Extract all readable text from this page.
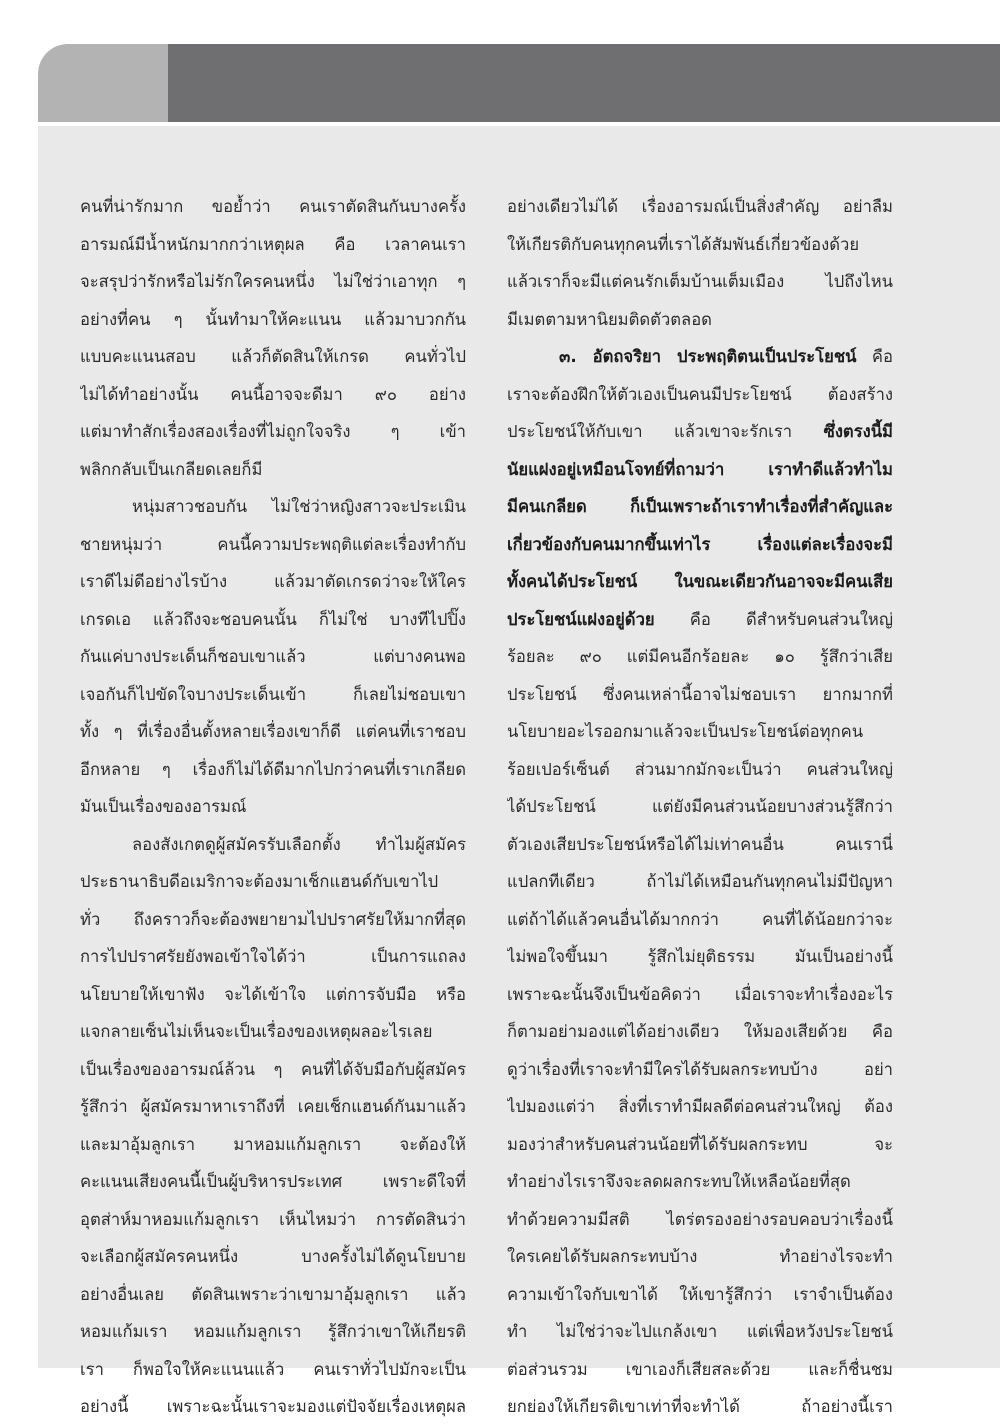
คนที่น่ารักมาก ขอย้ำว่า คนเราตัดสินกันบางครั้ง
อารมณ์มีน้ำหนักมากกว่าเหตุผล คือ เวลาคนเรา
จะสรุปว่ารักหรือไม่รักใครคนหนึ่ง ไม่ใช่ว่าเอาทุก ๆ
อย่างที่คน ๆ นั้นทำมาให้คะแนน แล้วมาบวกกัน
แบบคะแนนสอบ แล้วก็ตัดสินให้เกรด คนทั่วไป
ไม่ได้ทำอย่างนั้น คนนี้อาจจะดีมา ๙๐ อย่าง
แต่มาทำสักเรื่องสองเรื่องที่ไม่ถูกใจจริง ๆ เข้า
พลิกกลับเป็นเกลียดเลยก็มี
หนุ่มสาวชอบกัน ไม่ใช่ว่าหญิงสาวจะประเมิน
ชายหนุ่มว่า คนนี้ความประพฤติแต่ละเรื่องทำกับ
เราดีไม่ดีอย่างไรบ้าง แล้วมาตัดเกรดว่าจะให้ใคร
เกรดเอ แล้วถึงจะชอบคนนั้น ก็ไม่ใช่ บางทีไปปิ๊ง
กันแค่บางประเด็นก็ชอบเขาแล้ว แต่บางคนพอ
เจอกันก็ไปขัดใจบางประเด็นเข้า ก็เลยไม่ชอบเขา
ทั้ง ๆ ที่เรื่องอื่นตั้งหลายเรื่องเขาก็ดี แต่คนที่เราชอบ
อีกหลาย ๆ เรื่องก็ไม่ได้ดีมากไปกว่าคนที่เราเกลียด
มันเป็นเรื่องของอารมณ์
ลองสังเกตดูผู้สมัครรับเลือกตั้ง ทำไมผู้สมัคร
ประธานาธิบดีอเมริกาจะต้องมาเช็กแฮนด์กับเขาไป
ทั่ว ถึงคราวก็จะต้องพยายามไปปราศรัยให้มากที่สุด
การไปปราศรัยยังพอเข้าใจได้ว่า เป็นการแถลง
นโยบายให้เขาฟัง จะได้เข้าใจ แต่การจับมือ หรือ
แจกลายเซ็นไม่เห็นจะเป็นเรื่องของเหตุผลอะไรเลย
เป็นเรื่องของอารมณ์ล้วน ๆ คนที่ได้จับมือกับผู้สมัคร
รู้สึกว่า ผู้สมัครมาหาเราถึงที่ เคยเช็กแฮนด์กันมาแล้ว
และมาอุ้มลูกเรา มาหอมแก้มลูกเรา จะต้องให้
คะแนนเสียงคนนี้เป็นผู้บริหารประเทศ เพราะดีใจที่
อุตส่าห์มาหอมแก้มลูกเรา เห็นไหมว่า การตัดสินว่า
จะเลือกผู้สมัครคนหนึ่ง บางครั้งไม่ได้ดูนโยบาย
อย่างอื่นเลย ตัดสินเพราะว่าเขามาอุ้มลูกเรา แล้ว
หอมแก้มเรา หอมแก้มลูกเรา รู้สึกว่าเขาให้เกียรติ
เรา ก็พอใจให้คะแนนแล้ว คนเราทั่วไปมักจะเป็น
อย่างนี้ เพราะฉะนั้นเราจะมองแต่ปัจจัยเรื่องเหตุผล
อย่างเดียวไม่ได้ เรื่องอารมณ์เป็นสิ่งสำคัญ อย่าลืม
ให้เกียรติกับคนทุกคนที่เราได้สัมพันธ์เกี่ยวข้องด้วย
แล้วเราก็จะมีแต่คนรักเต็มบ้านเต็มเมือง ไปถึงไหน
มีเมตตามหานิยมติดตัวตลอด
๓. อัตถจริยา ประพฤติตนเป็นประโยชน์ คือ
เราจะต้องฝึกให้ตัวเองเป็นคนมีประโยชน์ ต้องสร้าง
ประโยชน์ให้กับเขา แล้วเขาจะรักเรา ซึ่งตรงนี้มี
นัยแฝงอยู่เหมือนโจทย์ที่ถามว่า เราทำดีแล้วทำไม
มีคนเกลียด ก็เป็นเพราะถ้าเราทำเรื่องที่สำคัญและ
เกี่ยวข้องกับคนมากขึ้นเท่าไร เรื่องแต่ละเรื่องจะมี
ทั้งคนได้ประโยชน์ ในขณะเดียวกันอาจจะมีคนเสีย
ประโยชน์แฝงอยู่ด้วย คือ ดีสำหรับคนส่วนใหญ่
ร้อยละ ๙๐ แต่มีคนอีกร้อยละ ๑๐ รู้สึกว่าเสีย
ประโยชน์ ซึ่งคนเหล่านี้อาจไม่ชอบเรา ยากมากที่
นโยบายอะไรออกมาแล้วจะเป็นประโยชน์ต่อทุกคน
ร้อยเปอร์เซ็นต์ ส่วนมากมักจะเป็นว่า คนส่วนใหญ่
ได้ประโยชน์ แต่ยังมีคนส่วนน้อยบางส่วนรู้สึกว่า
ตัวเองเสียประโยชน์หรือได้ไม่เท่าคนอื่น คนเรานี่
แปลกทีเดียว ถ้าไม่ได้เหมือนกันทุกคนไม่มีปัญหา
แต่ถ้าได้แล้วคนอื่นได้มากกว่า คนที่ได้น้อยกว่าจะ
ไม่พอใจขึ้นมา รู้สึกไม่ยุติธรรม มันเป็นอย่างนี้
เพราะฉะนั้นจึงเป็นข้อคิดว่า เมื่อเราจะทำเรื่องอะไร
ก็ตามอย่ามองแต่ได้อย่างเดียว ให้มองเสียด้วย คือ
ดูว่าเรื่องที่เราจะทำมีใครได้รับผลกระทบบ้าง อย่า
ไปมองแต่ว่า สิ่งที่เราทำมีผลดีต่อคนส่วนใหญ่ ต้อง
มองว่าสำหรับคนส่วนน้อยที่ได้รับผลกระทบ จะ
ทำอย่างไรเราจึงจะลดผลกระทบให้เหลือน้อยที่สุด
ทำด้วยความมีสติ ไตร่ตรองอย่างรอบคอบว่าเรื่องนี้
ใครเคยได้รับผลกระทบบ้าง ทำอย่างไรจะทำ
ความเข้าใจกับเขาได้ ให้เขารู้สึกว่า เราจำเป็นต้อง
ทำ ไม่ใช่ว่าจะไปแกล้งเขา แต่เพื่อหวังประโยชน์
ต่อส่วนรวม เขาเองก็เสียสละด้วย และก็ชื่นชม
ยกย่องให้เกียรติเขาเท่าที่จะทำได้ ถ้าอย่างนี้เรา
